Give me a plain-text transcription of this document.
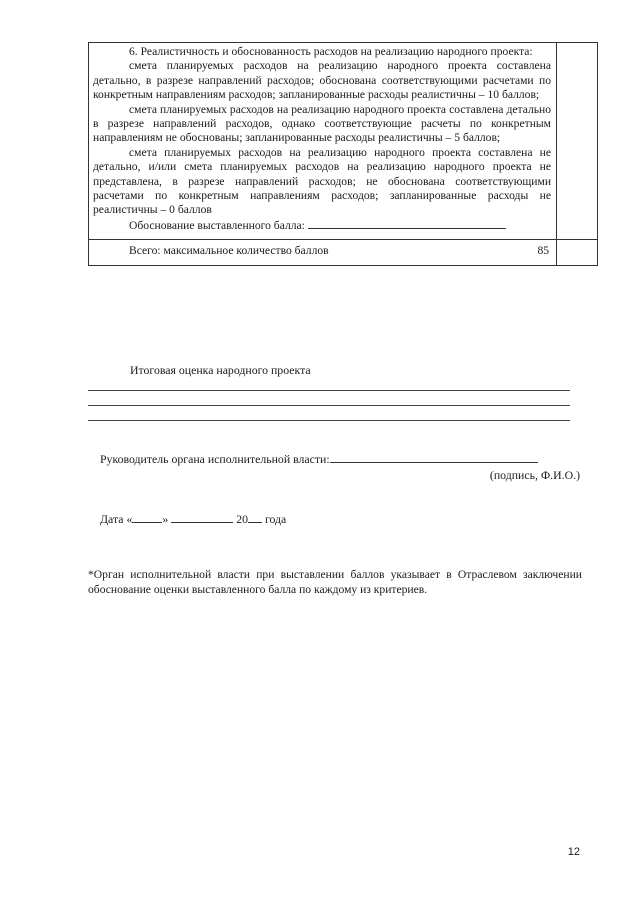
6. Реалистичность и обоснованность расходов на реализацию народного проекта:

смета планируемых расходов на реализацию народного проекта составлена детально, в разрезе направлений расходов; обоснована соответствующими расчетами по конкретным направлениям расходов; запланированные расходы реалистичны – 10 баллов;

смета планируемых расходов на реализацию народного проекта составлена детально в разрезе направлений расходов, однако соответствующие расчеты по конкретным направлениям не обоснованы; запланированные расходы реалистичны – 5 баллов;

смета планируемых расходов на реализацию народного проекта составлена не детально, и/или смета планируемых расходов на реализацию народного проекта не представлена, в разрезе направлений расходов; не обоснована соответствующими расчетами по конкретным направлениям расходов; запланированные расходы не реалистичны – 0 баллов

Обоснование выставленного балла:	

Всего: максимальное количество баллов 85	

Итоговая оценка народного проекта
Руководитель органа исполнительной власти:
(подпись, Ф.И.О.)
Дата «	»	20 года
*Орган исполнительной власти при выставлении баллов указывает в Отраслевом заключении обоснование оценки выставленного балла по каждому из критериев.
12
